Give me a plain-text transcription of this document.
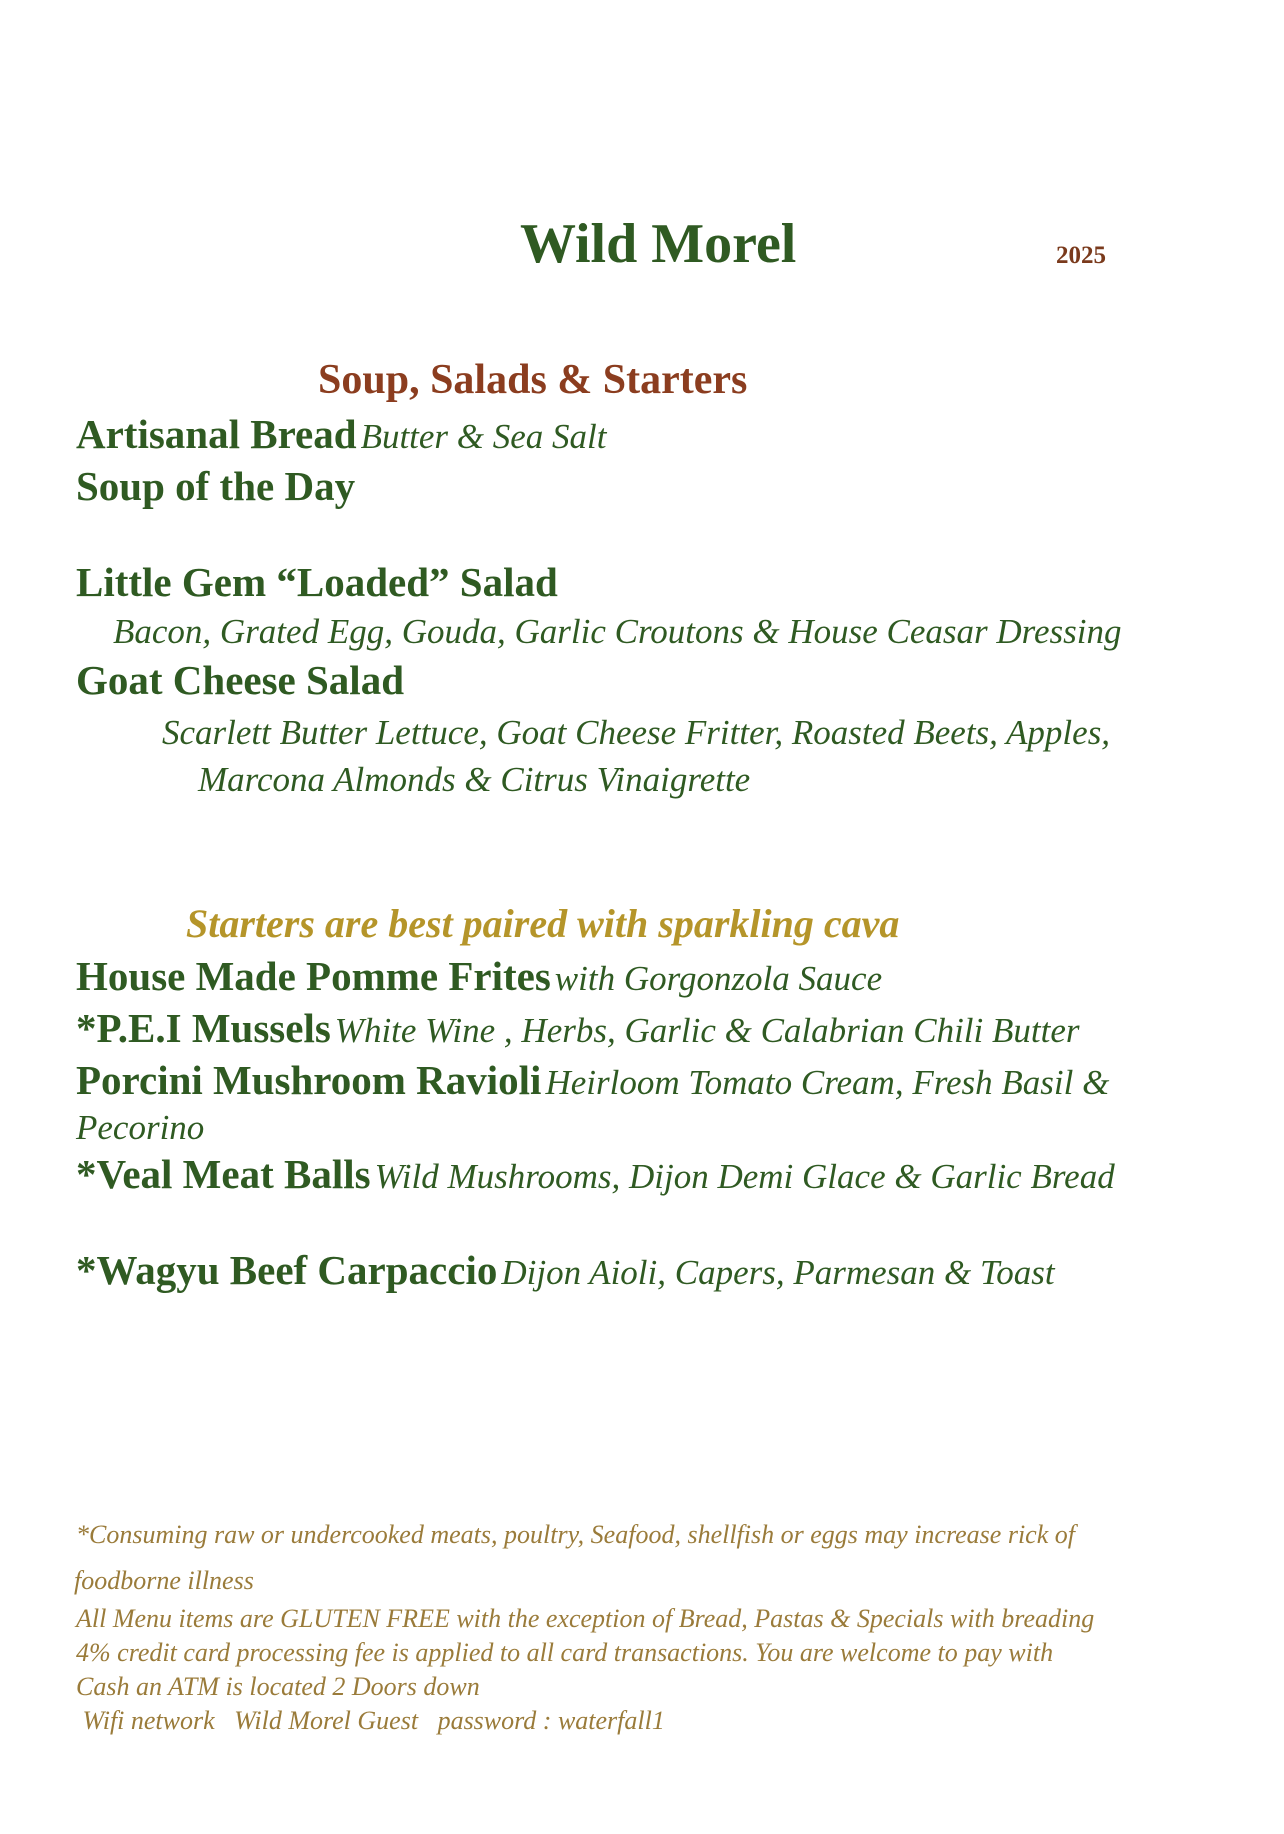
Wild Morel	2025
Soup, Salads & Starters
Artisanal Bread Butter & Sea Salt
Soup of the Day
Little Gem “Loaded” Salad
Bacon, Grated Egg, Gouda, Garlic Croutons & House Ceasar Dressing
Goat Cheese Salad
Scarlett Butter Lettuce, Goat Cheese Fritter, Roasted Beets, Apples,
Marcona Almonds & Citrus Vinaigrette
Starters are best paired with sparkling cava
House Made Pomme Frites with Gorgonzola Sauce
*P.E.I Mussels White Wine , Herbs, Garlic & Calabrian Chili Butter
Porcini Mushroom Ravioli Heirloom Tomato Cream, Fresh Basil &
Pecorino
*Veal Meat Balls Wild Mushrooms, Dijon Demi Glace & Garlic Bread
*Wagyu Beef Carpaccio Dijon Aioli, Capers, Parmesan & Toast
*Consuming raw or undercooked meats, poultry, Seafood, shellfish or eggs may increase rick of
foodborne illness
All Menu items are GLUTEN FREE with the exception of Bread, Pastas & Specials with breading
4% credit card processing fee is applied to all card transactions. You are welcome to pay with
Cash an ATM is located 2 Doors down
Wifi network   Wild Morel Guest   password : waterfall1
